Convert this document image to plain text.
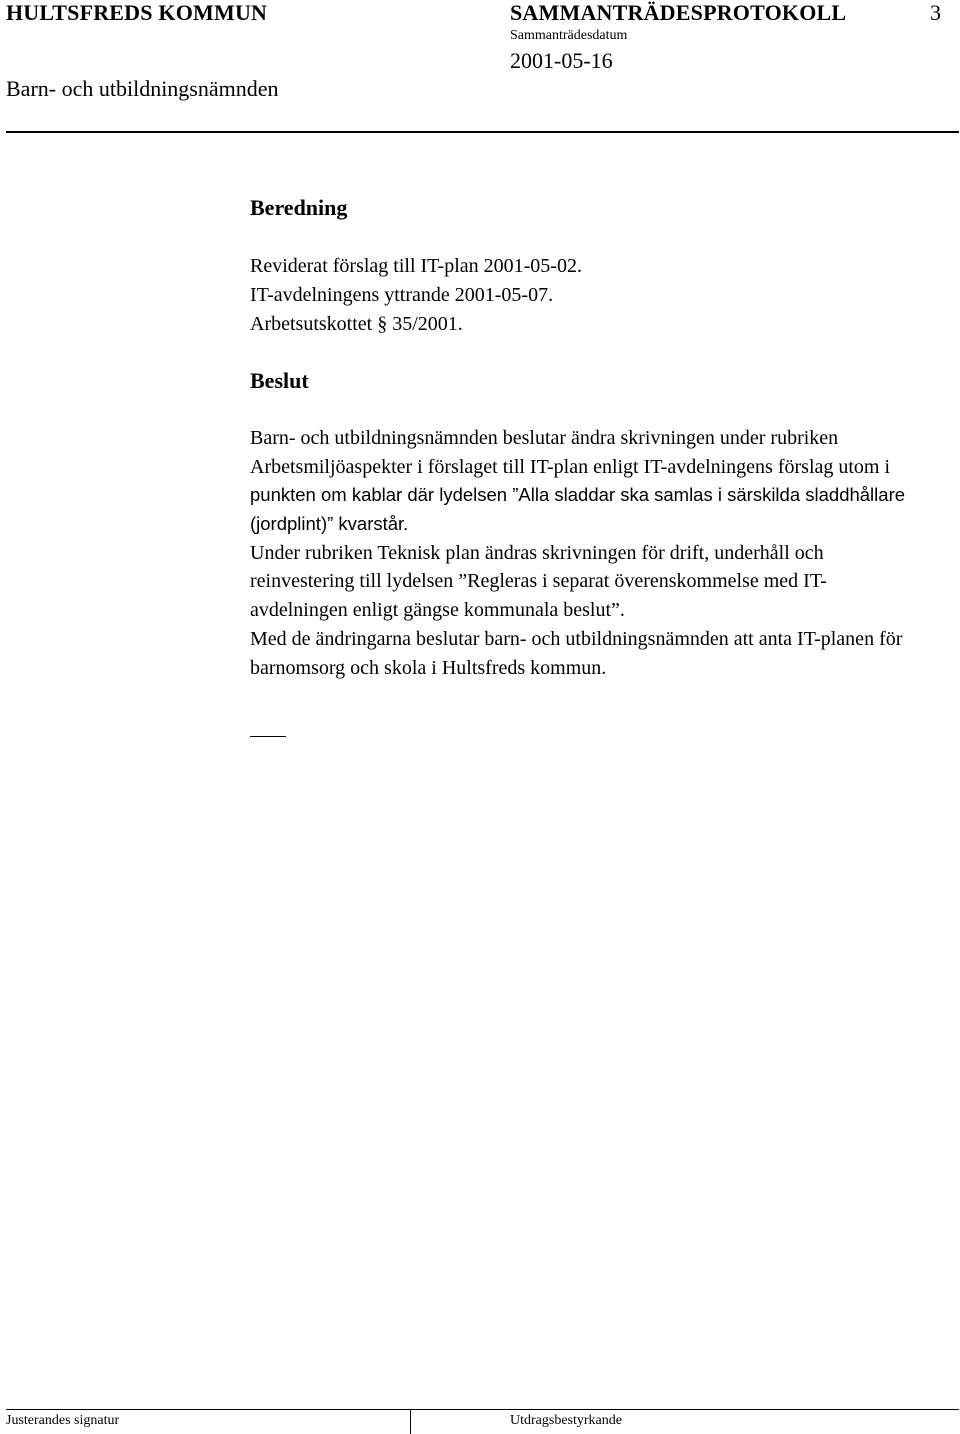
HULTSFREDS KOMMUN	SAMMANTRÄDESPROTOKOLL	3
Sammanträdesdatum
2001-05-16
Barn- och utbildningsnämnden
Beredning
Reviderat förslag till IT-plan 2001-05-02.
IT-avdelningens yttrande 2001-05-07.
Arbetsutskottet § 35/2001.
Beslut
Barn- och utbildningsnämnden beslutar ändra skrivningen under rubriken
Arbetsmiljöaspekter i förslaget till IT-plan enligt IT-avdelningens förslag utom i
punkten om kablar där lydelsen ”Alla sladdar ska samlas i särskilda sladdhållare
(jordplint)” kvarstår.
Under rubriken Teknisk plan ändras skrivningen för drift, underhåll och
reinvestering till lydelsen ”Regleras i separat överenskommelse med IT-
avdelningen enligt gängse kommunala beslut”.
Med de ändringarna beslutar barn- och utbildningsnämnden att anta IT-planen för
barnomsorg och skola i Hultsfreds kommun.
Justerandes signatur	Utdragsbestyrkande
